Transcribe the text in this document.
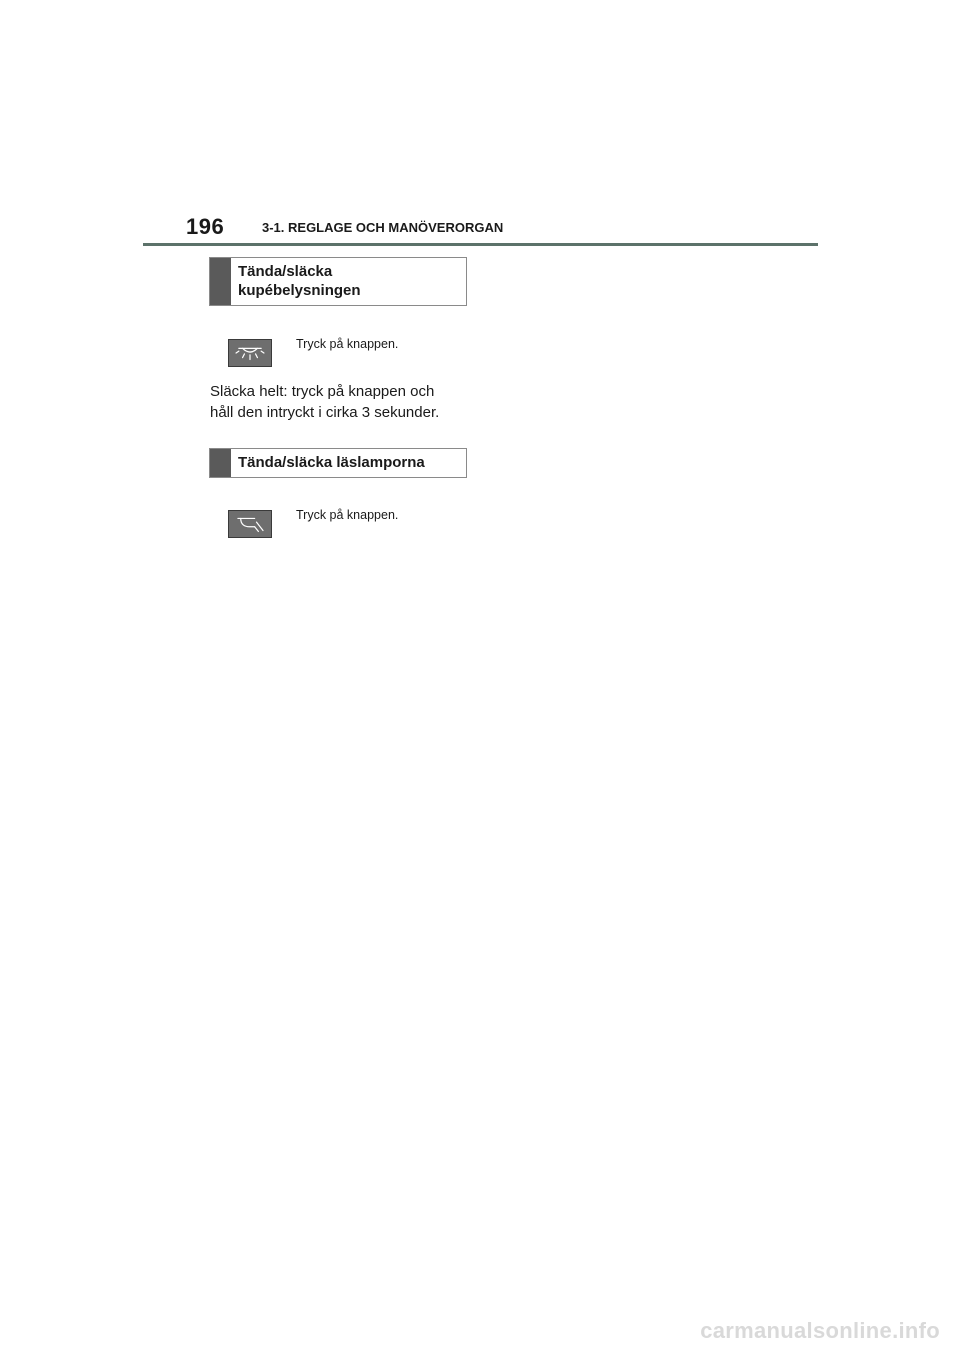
196	3-1. REGLAGE OCH MANÖVERORGAN
Tända/släcka
kupébelysningen
Tryck på knappen.
Släcka helt: tryck på knappen och
håll den intryckt i cirka 3 sekunder.
Tända/släcka läslamporna
Tryck på knappen.
carmanualsonline.info
